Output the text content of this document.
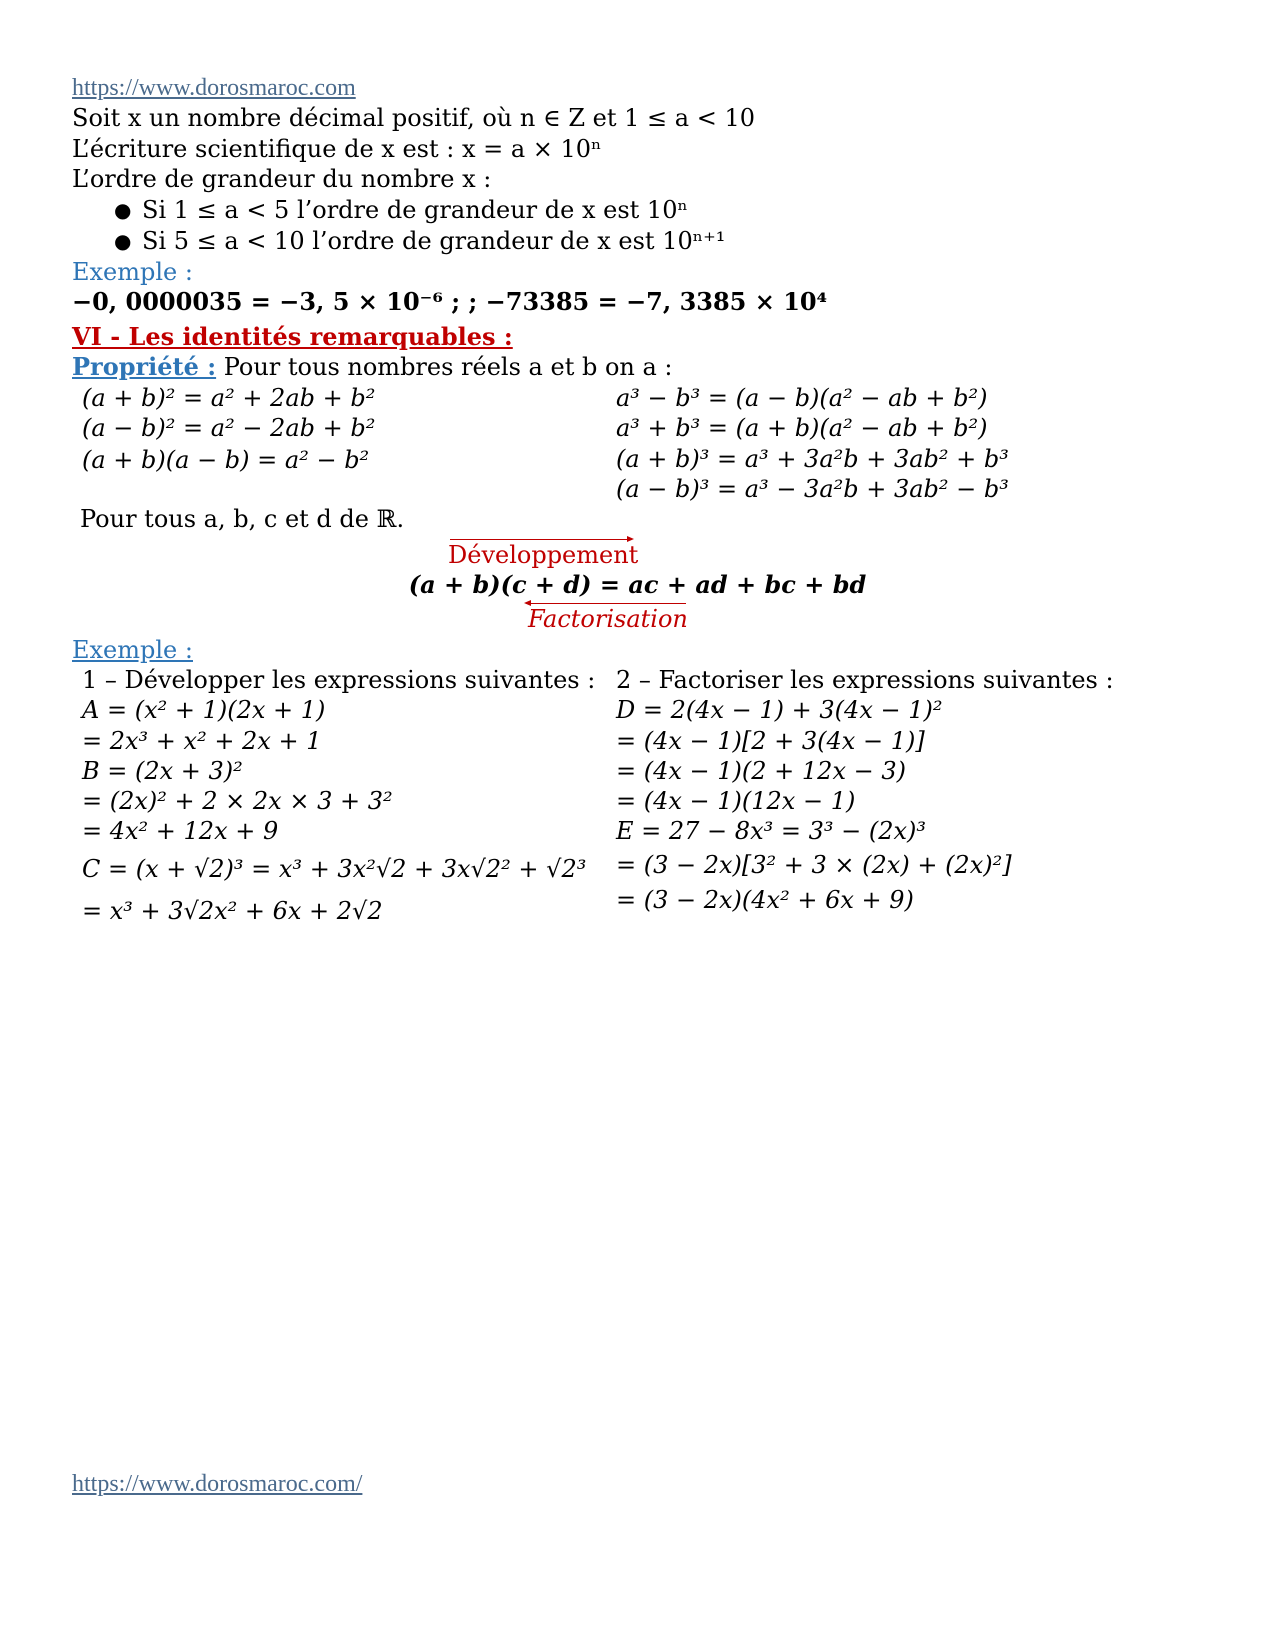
https://www.dorosmaroc.com
Soit x un nombre décimal positif, où n ∈ Z et 1 ≤ a < 10
L’écriture scientifique de x est : x = a × 10ⁿ
L’ordre de grandeur du nombre x :
● Si 1 ≤ a < 5 l’ordre de grandeur de x est 10ⁿ
● Si 5 ≤ a < 10 l’ordre de grandeur de x est 10ⁿ⁺¹
Exemple :
−0, 0000035 = −3, 5 × 10⁻⁶ ; ; −73385 = −7, 3385 × 10⁴
VI - Les identités remarquables :
Propriété : Pour tous nombres réels a et b on a :
(a + b)² = a² + 2ab + b²
(a − b)² = a² − 2ab + b²
(a + b)(a − b) = a² − b²
a³ − b³ = (a − b)(a² − ab + b²)
a³ + b³ = (a + b)(a² − ab + b²)
(a + b)³ = a³ + 3a²b + 3ab² + b³
(a − b)³ = a³ − 3a²b + 3ab² − b³
Pour tous a, b, c et d de ℝ.
Développement
(a + b)(c + d) = ac + ad + bc + bd
Factorisation
Exemple :
1 – Développer les expressions suivantes :
A = (x² + 1)(2x + 1)
= 2x³ + x² + 2x + 1
B = (2x + 3)²
= (2x)² + 2 × 2x × 3 + 3²
= 4x² + 12x + 9
C = (x + √2)³ = x³ + 3x²√2 + 3x√2² + √2³
= x³ + 3√2x² + 6x + 2√2
2 – Factoriser les expressions suivantes :
D = 2(4x − 1) + 3(4x − 1)²
= (4x − 1)[2 + 3(4x − 1)]
= (4x − 1)(2 + 12x − 3)
= (4x − 1)(12x − 1)
E = 27 − 8x³ = 3³ − (2x)³
= (3 − 2x)[3² + 3 × (2x) + (2x)²]
= (3 − 2x)(4x² + 6x + 9)
https://www.dorosmaroc.com/
